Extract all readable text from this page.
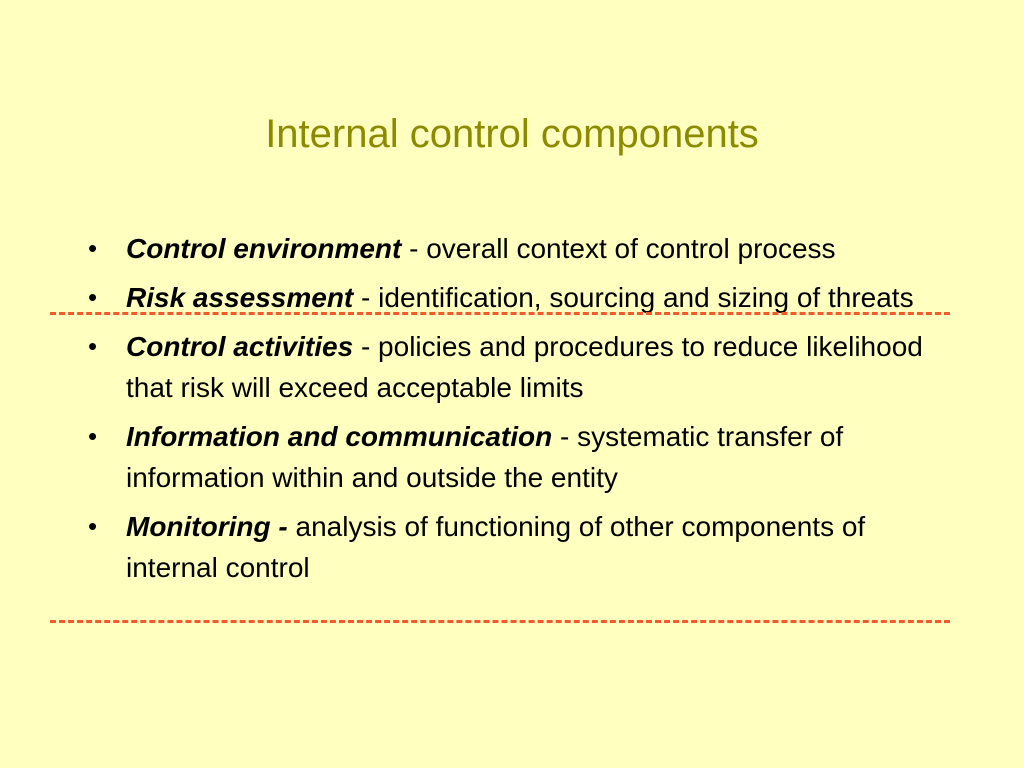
Internal control components
•	Control environment - overall context of control process
•	Risk assessment - identification, sourcing and sizing of threats
•	Control activities - policies and procedures to reduce likelihood that risk will exceed acceptable limits
•	Information and communication - systematic transfer of information within and outside the entity
•	Monitoring - analysis of functioning of other components of internal control
